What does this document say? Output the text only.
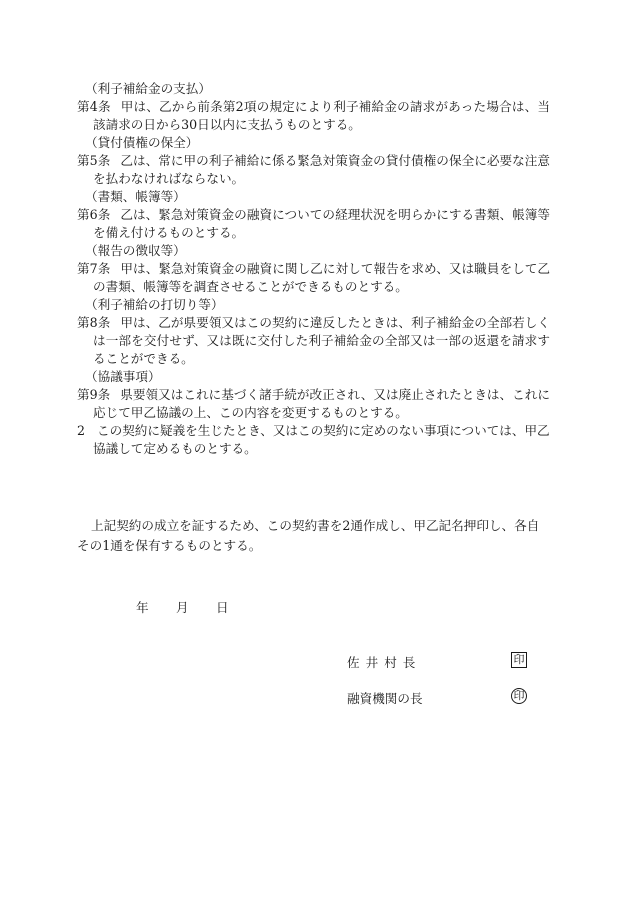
（利子補給金の支払）

第4条 甲は、乙から前条第2項の規定により利子補給金の請求があった場合は、当該請求の日から30日以内に支払うものとする。

（貸付債権の保全）

第5条 乙は、常に甲の利子補給に係る緊急対策資金の貸付債権の保全に必要な注意を払わなければならない。

（書類、帳簿等）

第6条 乙は、緊急対策資金の融資についての経理状況を明らかにする書類、帳簿等を備え付けるものとする。

（報告の徴収等）

第7条 甲は、緊急対策資金の融資に関し乙に対して報告を求め、又は職員をして乙の書類、帳簿等を調査させることができるものとする。

（利子補給の打切り等）

第8条 甲は、乙が県要領又はこの契約に違反したときは、利子補給金の全部若しくは一部を交付せず、又は既に交付した利子補給金の全部又は一部の返還を請求することができる。

（協議事項）

第9条 県要領又はこれに基づく諸手続が改正され、又は廃止されたときは、これに応じて甲乙協議の上、この内容を変更するものとする。

2 この契約に疑義を生じたとき、又はこの契約に定めのない事項については、甲乙協議して定めるものとする。

上記契約の成立を証するため、この契約書を2通作成し、甲乙記名押印し、各自その1通を保有するものとする。

年 月 日
佐井村長	印
融資機関の長	印
